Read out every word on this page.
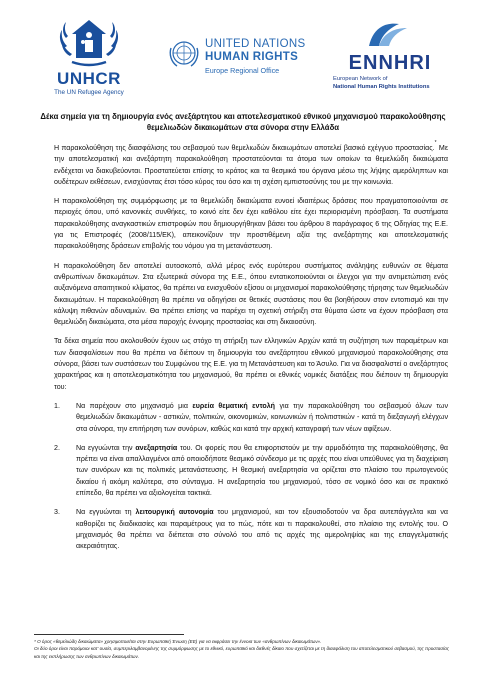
UNHCR
The UN Refugee Agency
UNITED NATIONS
HUMAN RIGHTS
Europe Regional Office	ENNHRI
European Network of
National Human Rights Institutions
Δέκα σημεία για τη δημιουργία ενός ανεξάρτητου και αποτελεσματικού εθνικού μηχανισμού παρακολούθησης θεμελιωδών δικαιωμάτων στα σύνορα στην Ελλάδα

Η παρακολούθηση της διασφάλισης του σεβασμού των θεμελιωδών δικαιωμάτων αποτελεί βασικό εχέγγυο προστασίας.* Με την αποτελεσματική και ανεξάρτητη παρακολούθηση προστατεύονται τα άτομα των οποίων τα θεμελιώδη δικαιώματα ενδέχεται να διακυβεύονται. Προστατεύεται επίσης το κράτος και τα θεσμικά του όργανα μέσω της λήψης αμερόληπτων και ουδέτερων εκθέσεων, ενισχύοντας έτσι τόσο κύρος του όσο και τη σχέση εμπιστοσύνης του με την κοινωνία.

Η παρακολούθηση της συμμόρφωσης με τα θεμελιώδη δικαιώματα ευνοεί ιδιαιτέρως δράσεις που πραγματοποιούνται σε περιοχές όπου, υπό κανονικές συνθήκες, το κοινό είτε δεν έχει καθόλου είτε έχει περιορισμένη πρόσβαση. Τα συστήματα παρακολούθησης αναγκαστικών επιστροφών που δημιουργήθηκαν βάσει του άρθρου 8 παράγραφος 6 της Οδηγίας της Ε.Ε. για τις Επιστροφές (2008/115/ΕΚ), απεικονίζουν την προστιθέμενη αξία της ανεξάρτητης και αποτελεσματικής παρακολούθησης δράσεων επιβολής του νόμου για τη μετανάστευση.

Η παρακολούθηση δεν αποτελεί αυτοσκοπό, αλλά μέρος ενός ευρύτερου συστήματος ανάληψης ευθυνών σε θέματα ανθρωπίνων δικαιωμάτων. Στα εξωτερικά σύνορα της Ε.Ε., όπου εντατικοποιούνται οι έλεγχοι για την αντιμετώπιση ενός αυξανόμενα απαιτητικού κλίματος, θα πρέπει να ενισχυθούν εξίσου οι μηχανισμοί παρακολούθησης τήρησης των θεμελιωδών δικαιωμάτων. Η παρακολούθηση θα πρέπει να οδηγήσει σε θετικές συστάσεις που θα βοηθήσουν στον εντοπισμό και την κάλυψη πιθανών αδυναμιών. Θα πρέπει επίσης να παρέχει τη σχετική στήριξη στα θύματα ώστε να έχουν πρόσβαση στα θεμελιώδη δικαιώματα, στα μέσα παροχής έννομης προστασίας και στη δικαιοσύνη.

Τα δέκα σημεία που ακολουθούν έχουν ως στόχο τη στήριξη των ελληνικών Αρχών κατά τη συζήτηση των παραμέτρων και των διασφαλίσεων που θα πρέπει να διέπουν τη δημιουργία του ανεξάρτητου εθνικού μηχανισμού παρακολούθησης στα σύνορα, βάσει των συστάσεων του Συμφώνου της Ε.Ε. για τη Μετανάστευση και το Άσυλο. Για να διασφαλιστεί ο ανεξάρτητος χαρακτήρας και η αποτελεσματικότητα του μηχανισμού, θα πρέπει οι εθνικές νομικές διατάξεις που διέπουν τη δημιουργία του:

1. Να παρέχουν στο μηχανισμό μια ευρεία θεματική εντολή για την παρακολούθηση του σεβασμού όλων των θεμελιωδών δικαιωμάτων - αστικών, πολιτικών, οικονομικών, κοινωνικών ή πολιτιστικών - κατά τη διεξαγωγή ελέγχων στα σύνορα, την επιτήρηση των συνόρων, καθώς και κατά την αρχική καταγραφή των νέων αφίξεων.
2. Να εγγυώνται την ανεξαρτησία του. Οι φορείς που θα επιφορτιστούν με την αρμοδιότητα της παρακολούθησης, θα πρέπει να είναι απαλλαγμένοι από οποιοδήποτε θεσμικό σύνδεσμο με τις αρχές που είναι υπεύθυνες για τη διαχείριση των συνόρων και τις πολιτικές μετανάστευσης. Η θεσμική ανεξαρτησία να ορίζεται στο πλαίσιο του πρωτογενούς δικαίου ή ακόμη καλύτερα, στο σύνταγμα. Η ανεξαρτησία του μηχανισμού, τόσο σε νομικό όσο και σε πρακτικό επίπεδο, θα πρέπει να αξιολογείται τακτικά.
3. Να εγγυώνται τη λειτουργική αυτονομία του μηχανισμού, και τον εξουσιοδοτούν να δρα αυτεπάγγελτα και να καθορίζει τις διαδικασίες και παραμέτρους για το πώς, πότε και τι παρακολουθεί, στο πλαίσιο της εντολής του. Ο μηχανισμός θα πρέπει να διέπεται στο σύνολό του από τις αρχές της αμεροληψίας και της επαγγελματικής ακεραιότητας.
* Ο όρος «θεμελιώδη δικαιώματα» χρησιμοποιείται στην Ευρωπαϊκή Ένωση (ΕΕ) για να εκφράσει την έννοια των «ανθρωπίνων δικαιωμάτων».
Οι δύο όροι είναι παρόμοιοι κατ' ουσία, συμπεριλαμβανομένης της συμμόρφωσης με το εθνικό, ευρωπαϊκό και διεθνές δίκαιο που σχετίζεται με τη διασφάλιση του αποτελεσματικού σεβασμού, της προστασίας και της εκπλήρωσης των ανθρωπίνων δικαιωμάτων.
